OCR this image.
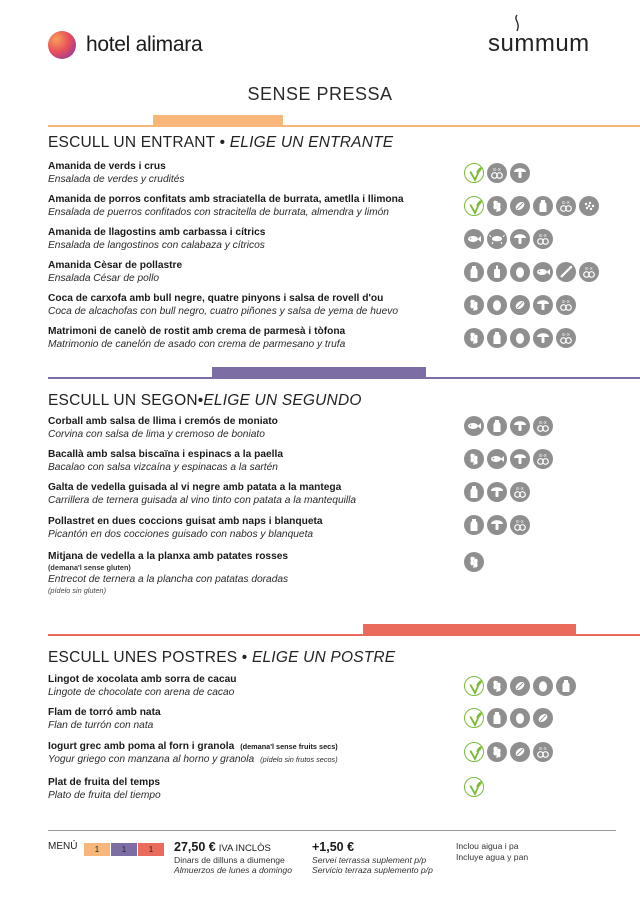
hotel alimara	summum
SENSE PRESSA
ESCULL UN ENTRANT • ELIGE UN ENTRANTE
Amanida de verds i crus
Ensalada de verdes y crudités
E-X
Amanida de porros confitats amb straciatella de burrata, ametlla i llimona
Ensalada de puerros confitados con stracitella de burrata, almendra y limón
E-X
Amanida de llagostins amb carbassa i cítrics
Ensalada de langostinos con calabaza y cítricos
E-X
Amanida Cèsar de pollastre
Ensalada César de pollo
E-X
Coca de carxofa amb bull negre, quatre pinyons i salsa de rovell d'ou
Coca de alcachofas con bull negro, cuatro piñones y salsa de yema de huevo
E-X
Matrimoni de canelò de rostit amb crema de parmesà i tòfona
Matrimonio de canelón de asado con crema de parmesano y trufa
E-X
ESCULL UN SEGON•ELIGE UN SEGUNDO
Corball amb salsa de llima i cremós de moniato
Corvina con salsa de lima y cremoso de boniato
E-X
Bacallà amb salsa biscaïna i espinacs a la paella
Bacalao con salsa vizcaína y espinacas a la sartén
E-X
Galta de vedella guisada al vi negre amb patata a la mantega
Carrillera de ternera guisada al vino tinto con patata a la mantequilla
E-X
Pollastret en dues coccions guisat amb naps i blanqueta
Picantón en dos cocciones guisado con nabos y blanqueta
E-X
Mitjana de vedella a la planxa amb patates rosses
(demana'l sense gluten)
Entrecot de ternera a la plancha con patatas doradas
(pídelo sin gluten)
ESCULL UNES POSTRES • ELIGE UN POSTRE
Lingot de xocolata amb sorra de cacau
Lingote de chocolate con arena de cacao
Flam de torró amb nata
Flan de turrón con nata
Iogurt grec amb poma al forn i granola (demana'l sense fruits secs)
Yogur griego con manzana al horno y granola (pídelo sin frutos secos)
E-X
Plat de fruita del temps
Plato de fruita del tiempo
MENÚ	1	1	1	27,50 € IVA INCLÒS
Dinars de dilluns a diumenge
Almuerzos de lunes a domingo
+1,50 €
Servei terrassa suplement p/p
Servicio terraza suplemento p/p
Inclou aigua i pa
Incluye agua y pan
